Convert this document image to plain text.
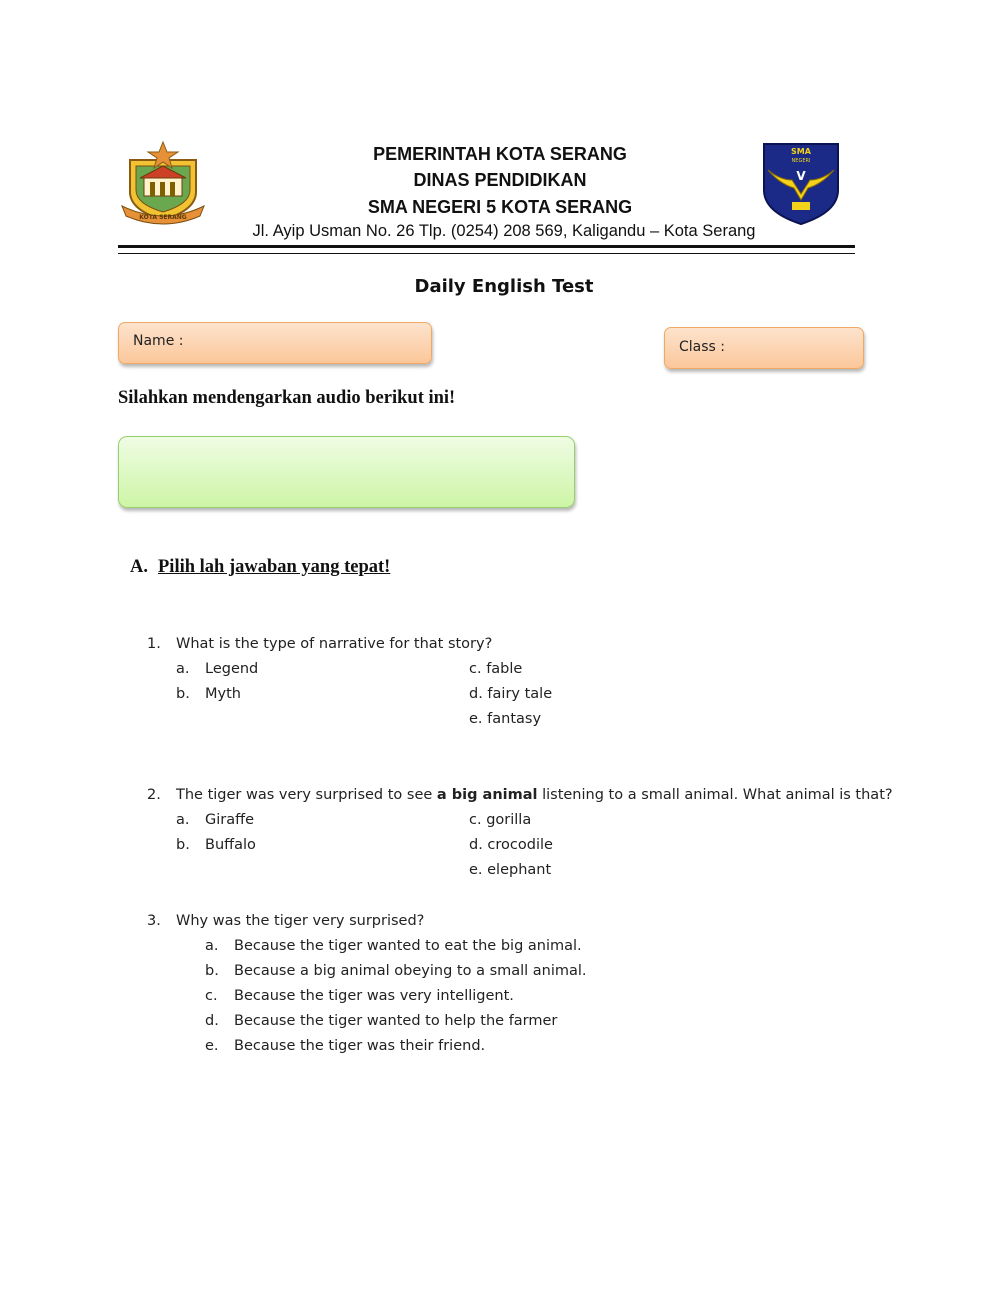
KOTA SERANG
SMA
NEGERI
V
PEMERINTAH KOTA SERANG
DINAS PENDIDIKAN
SMA NEGERI 5 KOTA SERANG
Jl. Ayip Usman No. 26 Tlp. (0254) 208 569, Kaligandu – Kota Serang
Daily English Test
Name :	Class :
Silahkan mendengarkan audio berikut ini!
A. Pilih lah jawaban yang tepat!
1. What is the type of narrative for that story?
a. Legend
b. Myth
c. fable
d. fairy tale
e. fantasy
2. The tiger was very surprised to see a big animal listening to a small animal. What animal is that?
a. Giraffe
b. Buffalo
c. gorilla
d. crocodile
e. elephant
3. Why was the tiger very surprised?
a. Because the tiger wanted to eat the big animal.
b. Because a big animal obeying to a small animal.
c. Because the tiger was very intelligent.
d. Because the tiger wanted to help the farmer
e. Because the tiger was their friend.
